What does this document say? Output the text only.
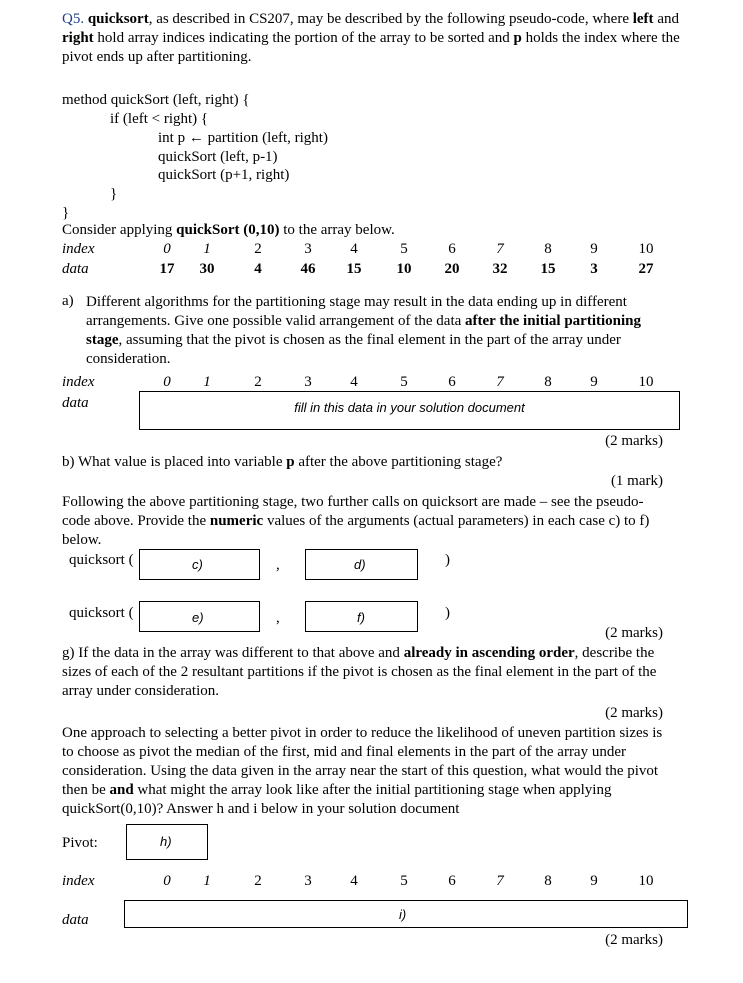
Q5. quicksort, as described in CS207, may be described by the following pseudo-code, where left and right hold array indices indicating the portion of the array to be sorted and p holds the index where the pivot ends up after partitioning.
method quickSort (left, right) {
if (left < right) {
int p ← partition (left, right)
quickSort (left, p-1)
quickSort (p+1, right)
}
}
Consider applying quickSort (0,10) to the array below.
index
data
0	1	2	3	4	5	6	7	8	9	10
17	30	4	46	15	10	20	32	15	3	27
a) Different algorithms for the partitioning stage may result in the data ending up in different arrangements. Give one possible valid arrangement of the data after the initial partitioning stage, assuming that the pivot is chosen as the final element in the part of the array under consideration.
index
data
0	1	2	3	4	5	6	7	8	9	10
fill in this data in your solution document
(2 marks)
b) What value is placed into variable p after the above partitioning stage?
(1 mark)
Following the above partitioning stage, two further calls on quicksort are made – see the pseudo-code above. Provide the numeric values of the arguments (actual parameters) in each case c) to f) below.
quicksort (	c)	,	d)	)
quicksort (	e)	,	f)	)
(2 marks)
g) If the data in the array was different to that above and already in ascending order, describe the sizes of each of the 2 resultant partitions if the pivot is chosen as the final element in the part of the array under consideration.
(2 marks)
One approach to selecting a better pivot in order to reduce the likelihood of uneven partition sizes is to choose as pivot the median of the first, mid and final elements in the part of the array under consideration. Using the data given in the array near the start of this question, what would the pivot then be and what might the array look like after the initial partitioning stage when applying quickSort(0,10)? Answer h and i below in your solution document
Pivot:	h)
index	0	1	2	3	4	5	6	7	8	9	10
data	i)
(2 marks)
